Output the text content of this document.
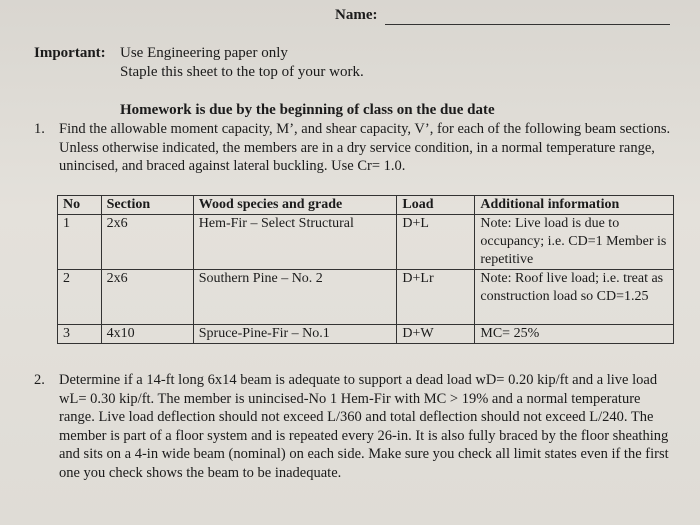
Name:
Important: Use Engineering paper only
Staple this sheet to the top of your work.
Homework is due by the beginning of class on the due date
1. Find the allowable moment capacity, M’, and shear capacity, V’, for each of the following beam sections. Unless otherwise indicated, the members are in a dry service condition, in a normal temperature range, unincised, and braced against lateral buckling. Use Cr= 1.0.
No	Section	Wood species and grade	Load	Additional information
1	2x6	Hem-Fir – Select Structural	D+L	Note: Live load is due to occupancy; i.e. CD=1 Member is repetitive
2	2x6	Southern Pine – No. 2	D+Lr	Note: Roof live load; i.e. treat as construction load so CD=1.25
3	4x10	Spruce-Pine-Fir – No.1	D+W	MC= 25%
2. Determine if a 14-ft long 6x14 beam is adequate to support a dead load wD= 0.20 kip/ft and a live load wL= 0.30 kip/ft. The member is unincised-No 1 Hem-Fir with MC > 19% and a normal temperature range. Live load deflection should not exceed L/360 and total deflection should not exceed L/240. The member is part of a floor system and is repeated every 26-in. It is also fully braced by the floor sheathing and sits on a 4-in wide beam (nominal) on each side. Make sure you check all limit states even if the first one you check shows the beam to be inadequate.
